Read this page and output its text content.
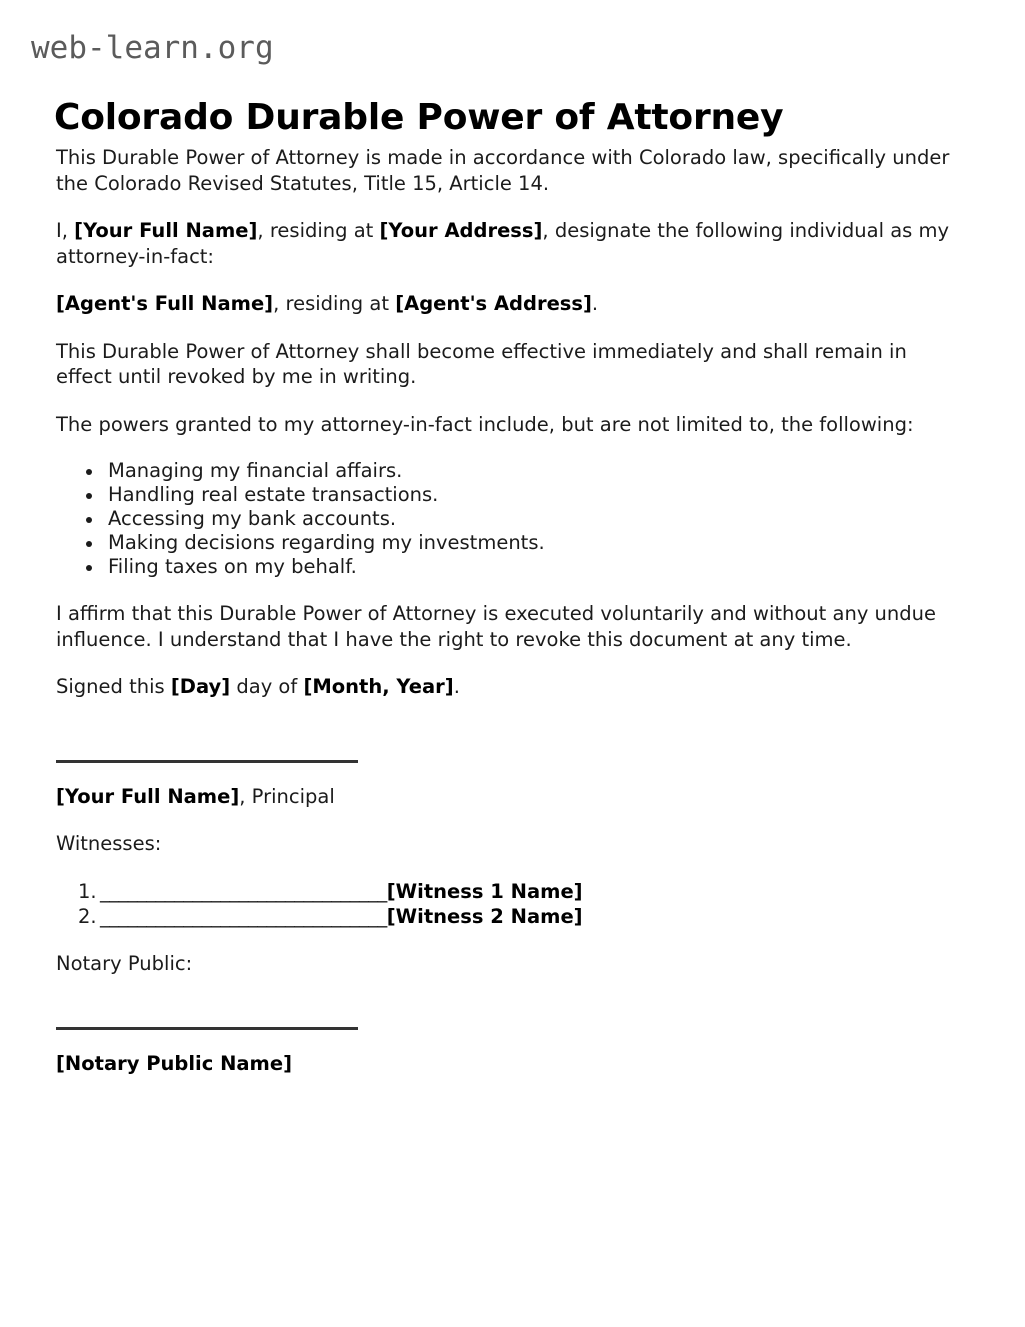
web-learn.org
Colorado Durable Power of Attorney

This Durable Power of Attorney is made in accordance with Colorado law, specifically under the Colorado Revised Statutes, Title 15, Article 14.

I, [Your Full Name], residing at [Your Address], designate the following individual as my attorney-in-fact:

[Agent's Full Name], residing at [Agent's Address].

This Durable Power of Attorney shall become effective immediately and shall remain in effect until revoked by me in writing.

The powers granted to my attorney-in-fact include, but are not limited to, the following:

Managing my financial affairs.
Handling real estate transactions.
Accessing my bank accounts.
Making decisions regarding my investments.
Filing taxes on my behalf.

I affirm that this Durable Power of Attorney is executed voluntarily and without any undue influence. I understand that I have the right to revoke this document at any time.

Signed this [Day] day of [Month, Year].

[Your Full Name], Principal

Witnesses:

_______________________________[Witness 1 Name]
_______________________________[Witness 2 Name]

Notary Public:

[Notary Public Name]
